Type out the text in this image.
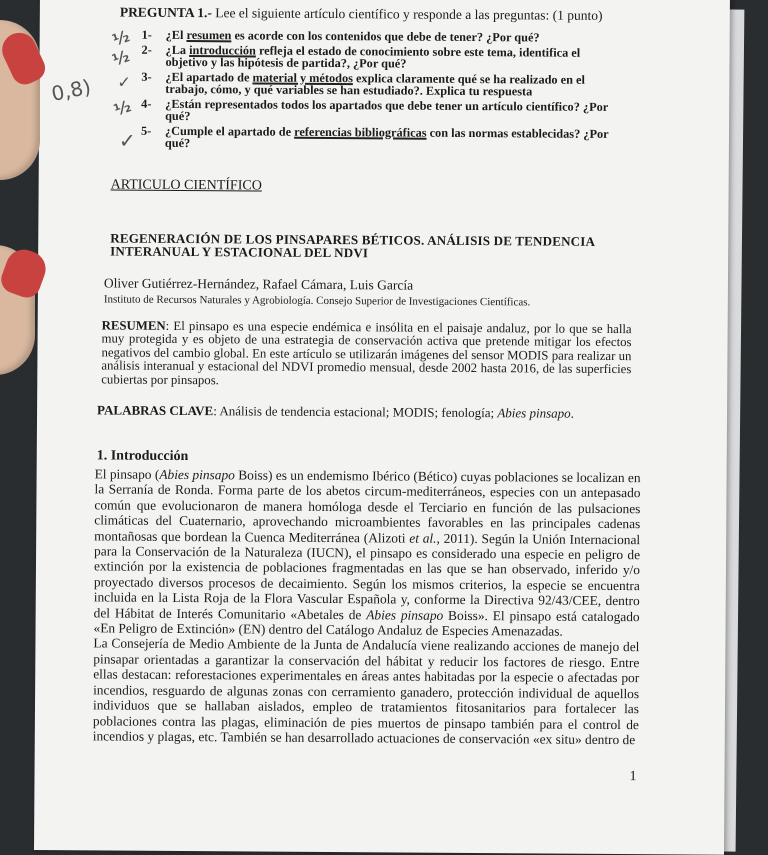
PREGUNTA 1.- Lee el siguiente artículo científico y responde a las preguntas: (1 punto)
1-	¿El resumen es acorde con los contenidos que debe de tener? ¿Por qué?
2-	¿La introducción refleja el estado de conocimiento sobre este tema, identifica el objetivo y las hipótesis de partida?, ¿Por qué?
3-	¿El apartado de material y métodos explica claramente qué se ha realizado en el trabajo, cómo, y qué variables se han estudiado?. Explica tu respuesta
4-	¿Están representados todos los apartados que debe tener un artículo científico? ¿Por qué?
5-	¿Cumple el apartado de referencias bibliográficas con las normas establecidas? ¿Por qué?
ARTICULO CIENTÍFICO
REGENERACIÓN DE LOS PINSAPARES BÉTICOS. ANÁLISIS DE TENDENCIA INTERANUAL Y ESTACIONAL DEL NDVI
Oliver Gutiérrez-Hernández, Rafael Cámara, Luis García
Instituto de Recursos Naturales y Agrobiología. Consejo Superior de Investigaciones Científicas.
RESUMEN: El pinsapo es una especie endémica e insólita en el paisaje andaluz, por lo que se halla muy protegida y es objeto de una estrategia de conservación activa que pretende mitigar los efectos negativos del cambio global. En este artículo se utilizarán imágenes del sensor MODIS para realizar un análisis interanual y estacional del NDVI promedio mensual, desde 2002 hasta 2016, de las superficies cubiertas por pinsapos.
PALABRAS CLAVE: Análisis de tendencia estacional; MODIS; fenología; Abies pinsapo.
1. Introducción

El pinsapo (Abies pinsapo Boiss) es un endemismo Ibérico (Bético) cuyas poblaciones se localizan en la Serranía de Ronda. Forma parte de los abetos circum-mediterráneos, especies con un antepasado común que evolucionaron de manera homóloga desde el Terciario en función de las pulsaciones climáticas del Cuaternario, aprovechando microambientes favorables en las principales cadenas montañosas que bordean la Cuenca Mediterránea (Alizoti et al., 2011). Según la Unión Internacional para la Conservación de la Naturaleza (IUCN), el pinsapo es considerado una especie en peligro de extinción por la existencia de poblaciones fragmentadas en las que se han observado, inferido y/o proyectado diversos procesos de decaimiento. Según los mismos criterios, la especie se encuentra incluida en la Lista Roja de la Flora Vascular Española y, conforme la Directiva 92/43/CEE, dentro del Hábitat de Interés Comunitario «Abetales de Abies pinsapo Boiss». El pinsapo está catalogado «En Peligro de Extinción» (EN) dentro del Catálogo Andaluz de Especies Amenazadas.

La Consejería de Medio Ambiente de la Junta de Andalucía viene realizando acciones de manejo del pinsapar orientadas a garantizar la conservación del hábitat y reducir los factores de riesgo. Entre ellas destacan: reforestaciones experimentales en áreas antes habitadas por la especie o afectadas por incendios, resguardo de algunas zonas con cerramiento ganadero, protección individual de aquellos individuos que se hallaban aislados, empleo de tratamientos fitosanitarios para fortalecer las poblaciones contra las plagas, eliminación de pies muertos de pinsapo también para el control de incendios y plagas, etc. También se han desarrollado actuaciones de conservación «ex situ» dentro de

1
½
½
✓
½
✓
0,8)
